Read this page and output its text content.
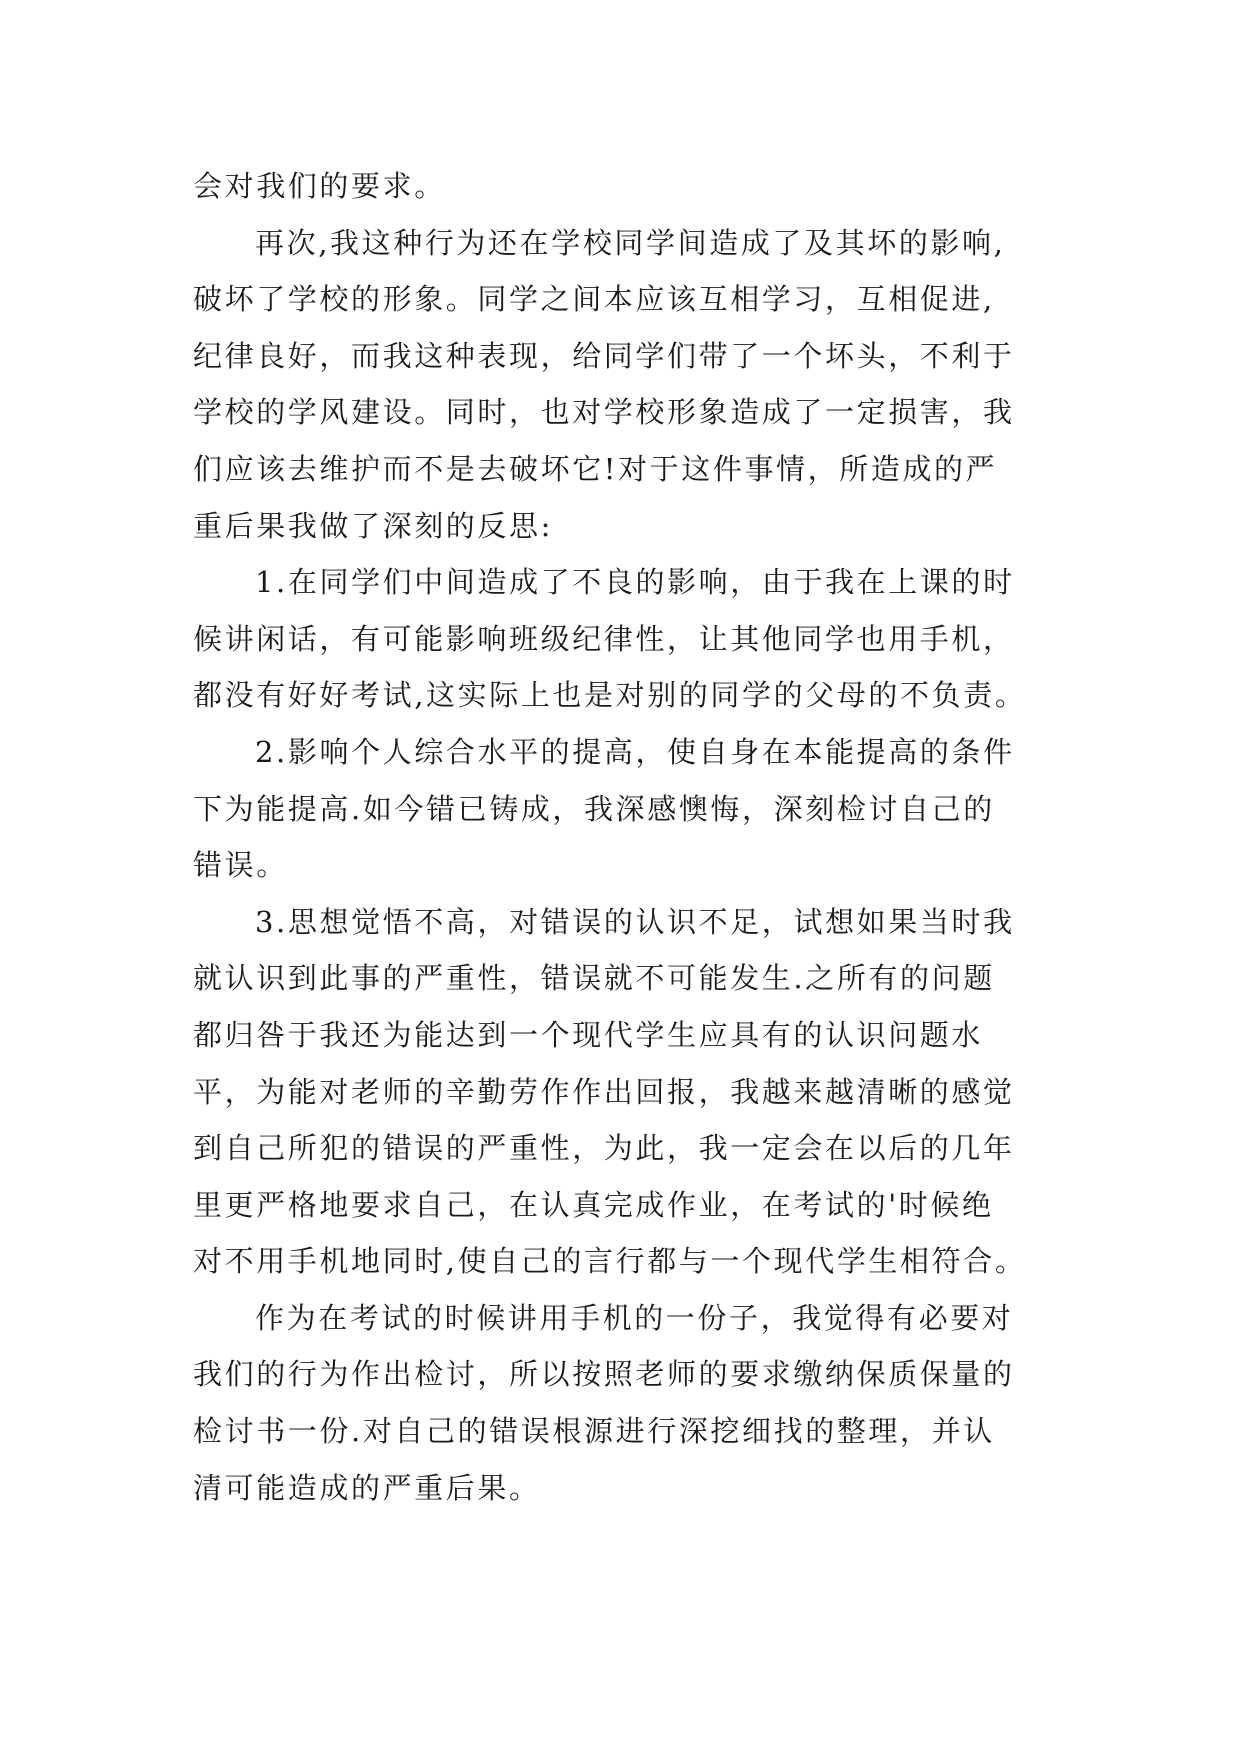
会对我们的要求。
再次,我这种行为还在学校同学间造成了及其坏的影响,
破坏了学校的形象。同学之间本应该互相学习，互相促进,
纪律良好，而我这种表现，给同学们带了一个坏头，不利于
学校的学风建设。同时，也对学校形象造成了一定损害，我
们应该去维护而不是去破坏它!对于这件事情，所造成的严
重后果我做了深刻的反思:
1.在同学们中间造成了不良的影响，由于我在上课的时
候讲闲话，有可能影响班级纪律性，让其他同学也用手机，
都没有好好考试,这实际上也是对别的同学的父母的不负责。
2.影响个人综合水平的提高，使自身在本能提高的条件
下为能提高.如今错已铸成，我深感懊悔，深刻检讨自己的
错误。
3.思想觉悟不高，对错误的认识不足，试想如果当时我
就认识到此事的严重性，错误就不可能发生.之所有的问题
都归咎于我还为能达到一个现代学生应具有的认识问题水
平，为能对老师的辛勤劳作作出回报，我越来越清晰的感觉
到自己所犯的错误的严重性，为此，我一定会在以后的几年
里更严格地要求自己，在认真完成作业，在考试的'时候绝
对不用手机地同时,使自己的言行都与一个现代学生相符合。
作为在考试的时候讲用手机的一份子，我觉得有必要对
我们的行为作出检讨，所以按照老师的要求缴纳保质保量的
检讨书一份.对自己的错误根源进行深挖细找的整理，并认
清可能造成的严重后果。
